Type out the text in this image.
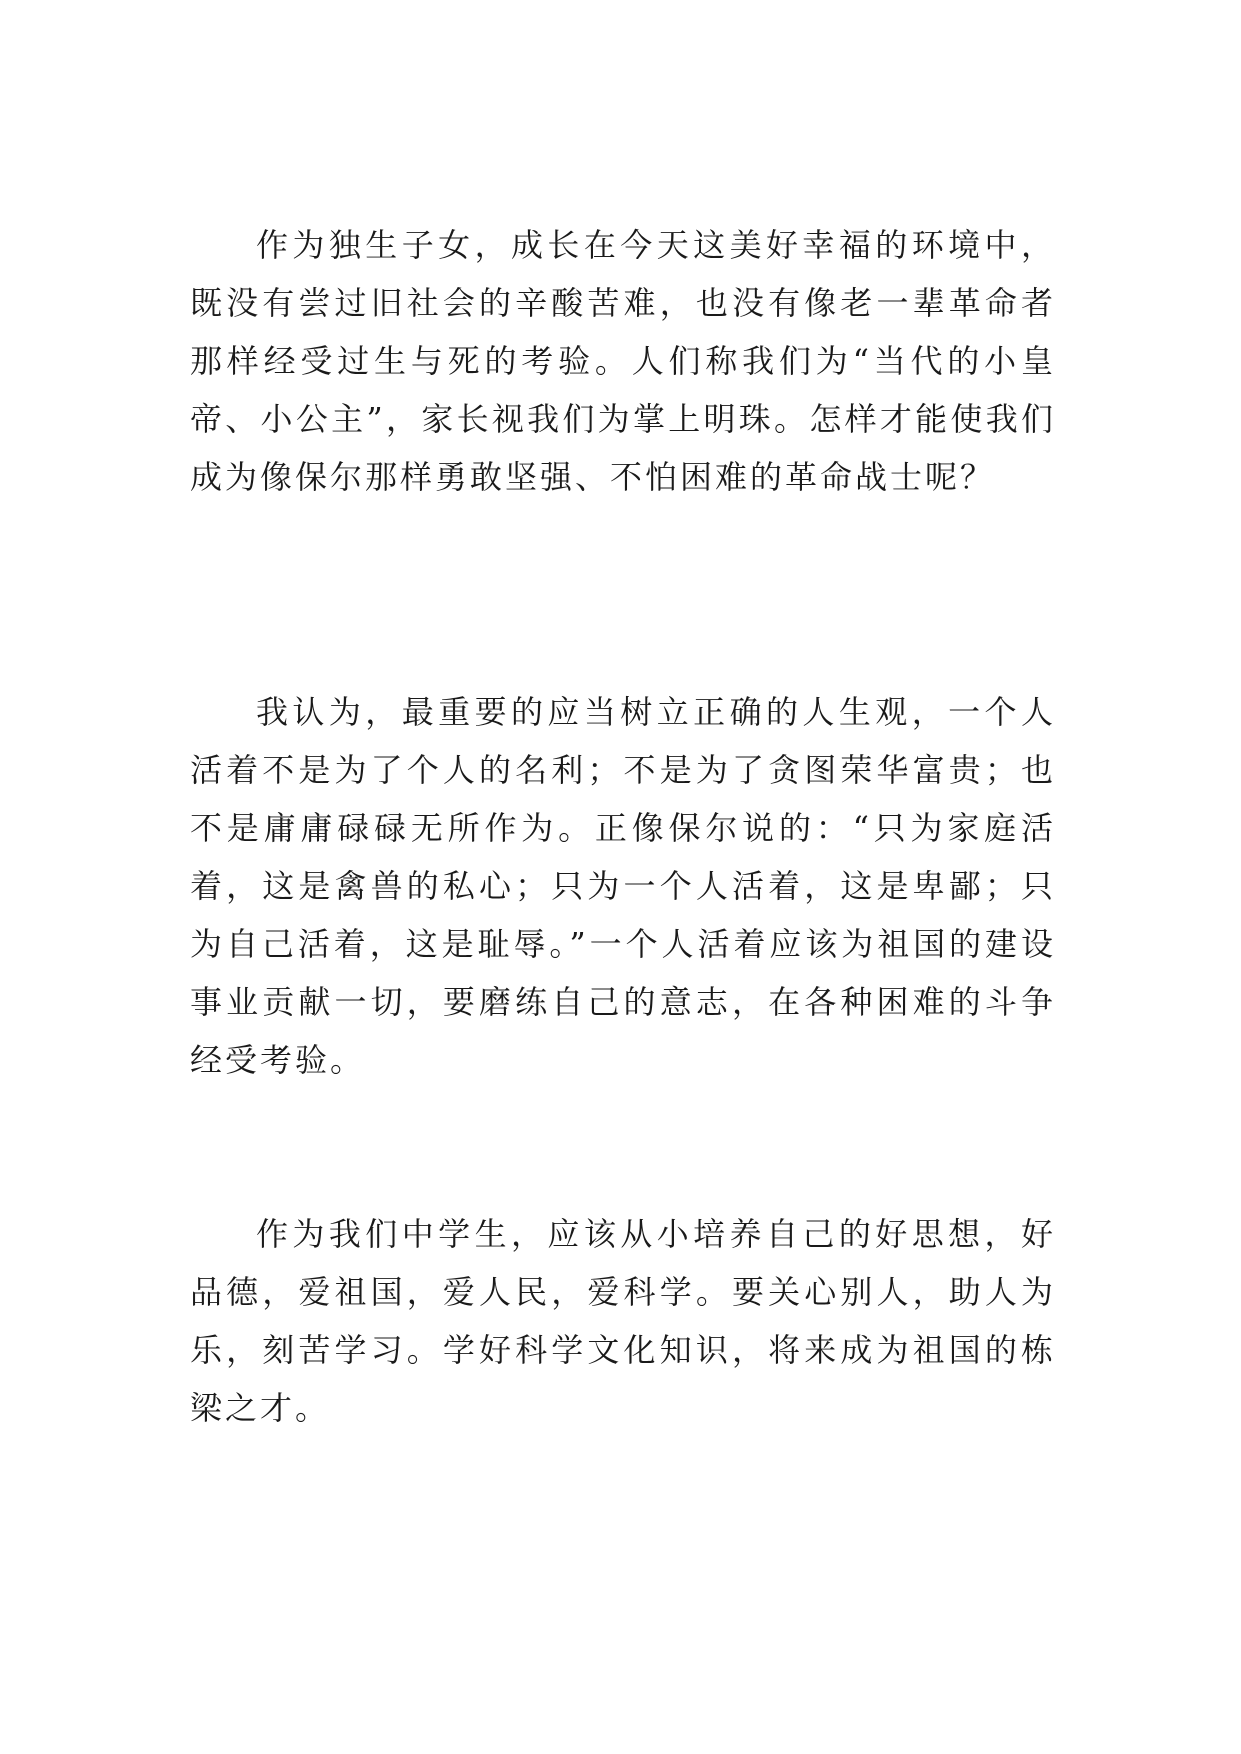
作为独生子女，成长在今天这美好幸福的环境中，既没有尝过旧社会的辛酸苦难，也没有像老一辈革命者那样经受过生与死的考验。人们称我们为“当代的小皇帝、小公主”，家长视我们为掌上明珠。怎样才能使我们成为像保尔那样勇敢坚强、不怕困难的革命战士呢？

我认为，最重要的应当树立正确的人生观，一个人活着不是为了个人的名利；不是为了贪图荣华富贵；也不是庸庸碌碌无所作为。正像保尔说的：“只为家庭活着，这是禽兽的私心；只为一个人活着，这是卑鄙；只为自己活着，这是耻辱。”一个人活着应该为祖国的建设事业贡献一切，要磨练自己的意志，在各种困难的斗争经受考验。

作为我们中学生，应该从小培养自己的好思想，好品德，爱祖国，爱人民，爱科学。要关心别人，助人为乐，刻苦学习。学好科学文化知识，将来成为祖国的栋梁之才。
